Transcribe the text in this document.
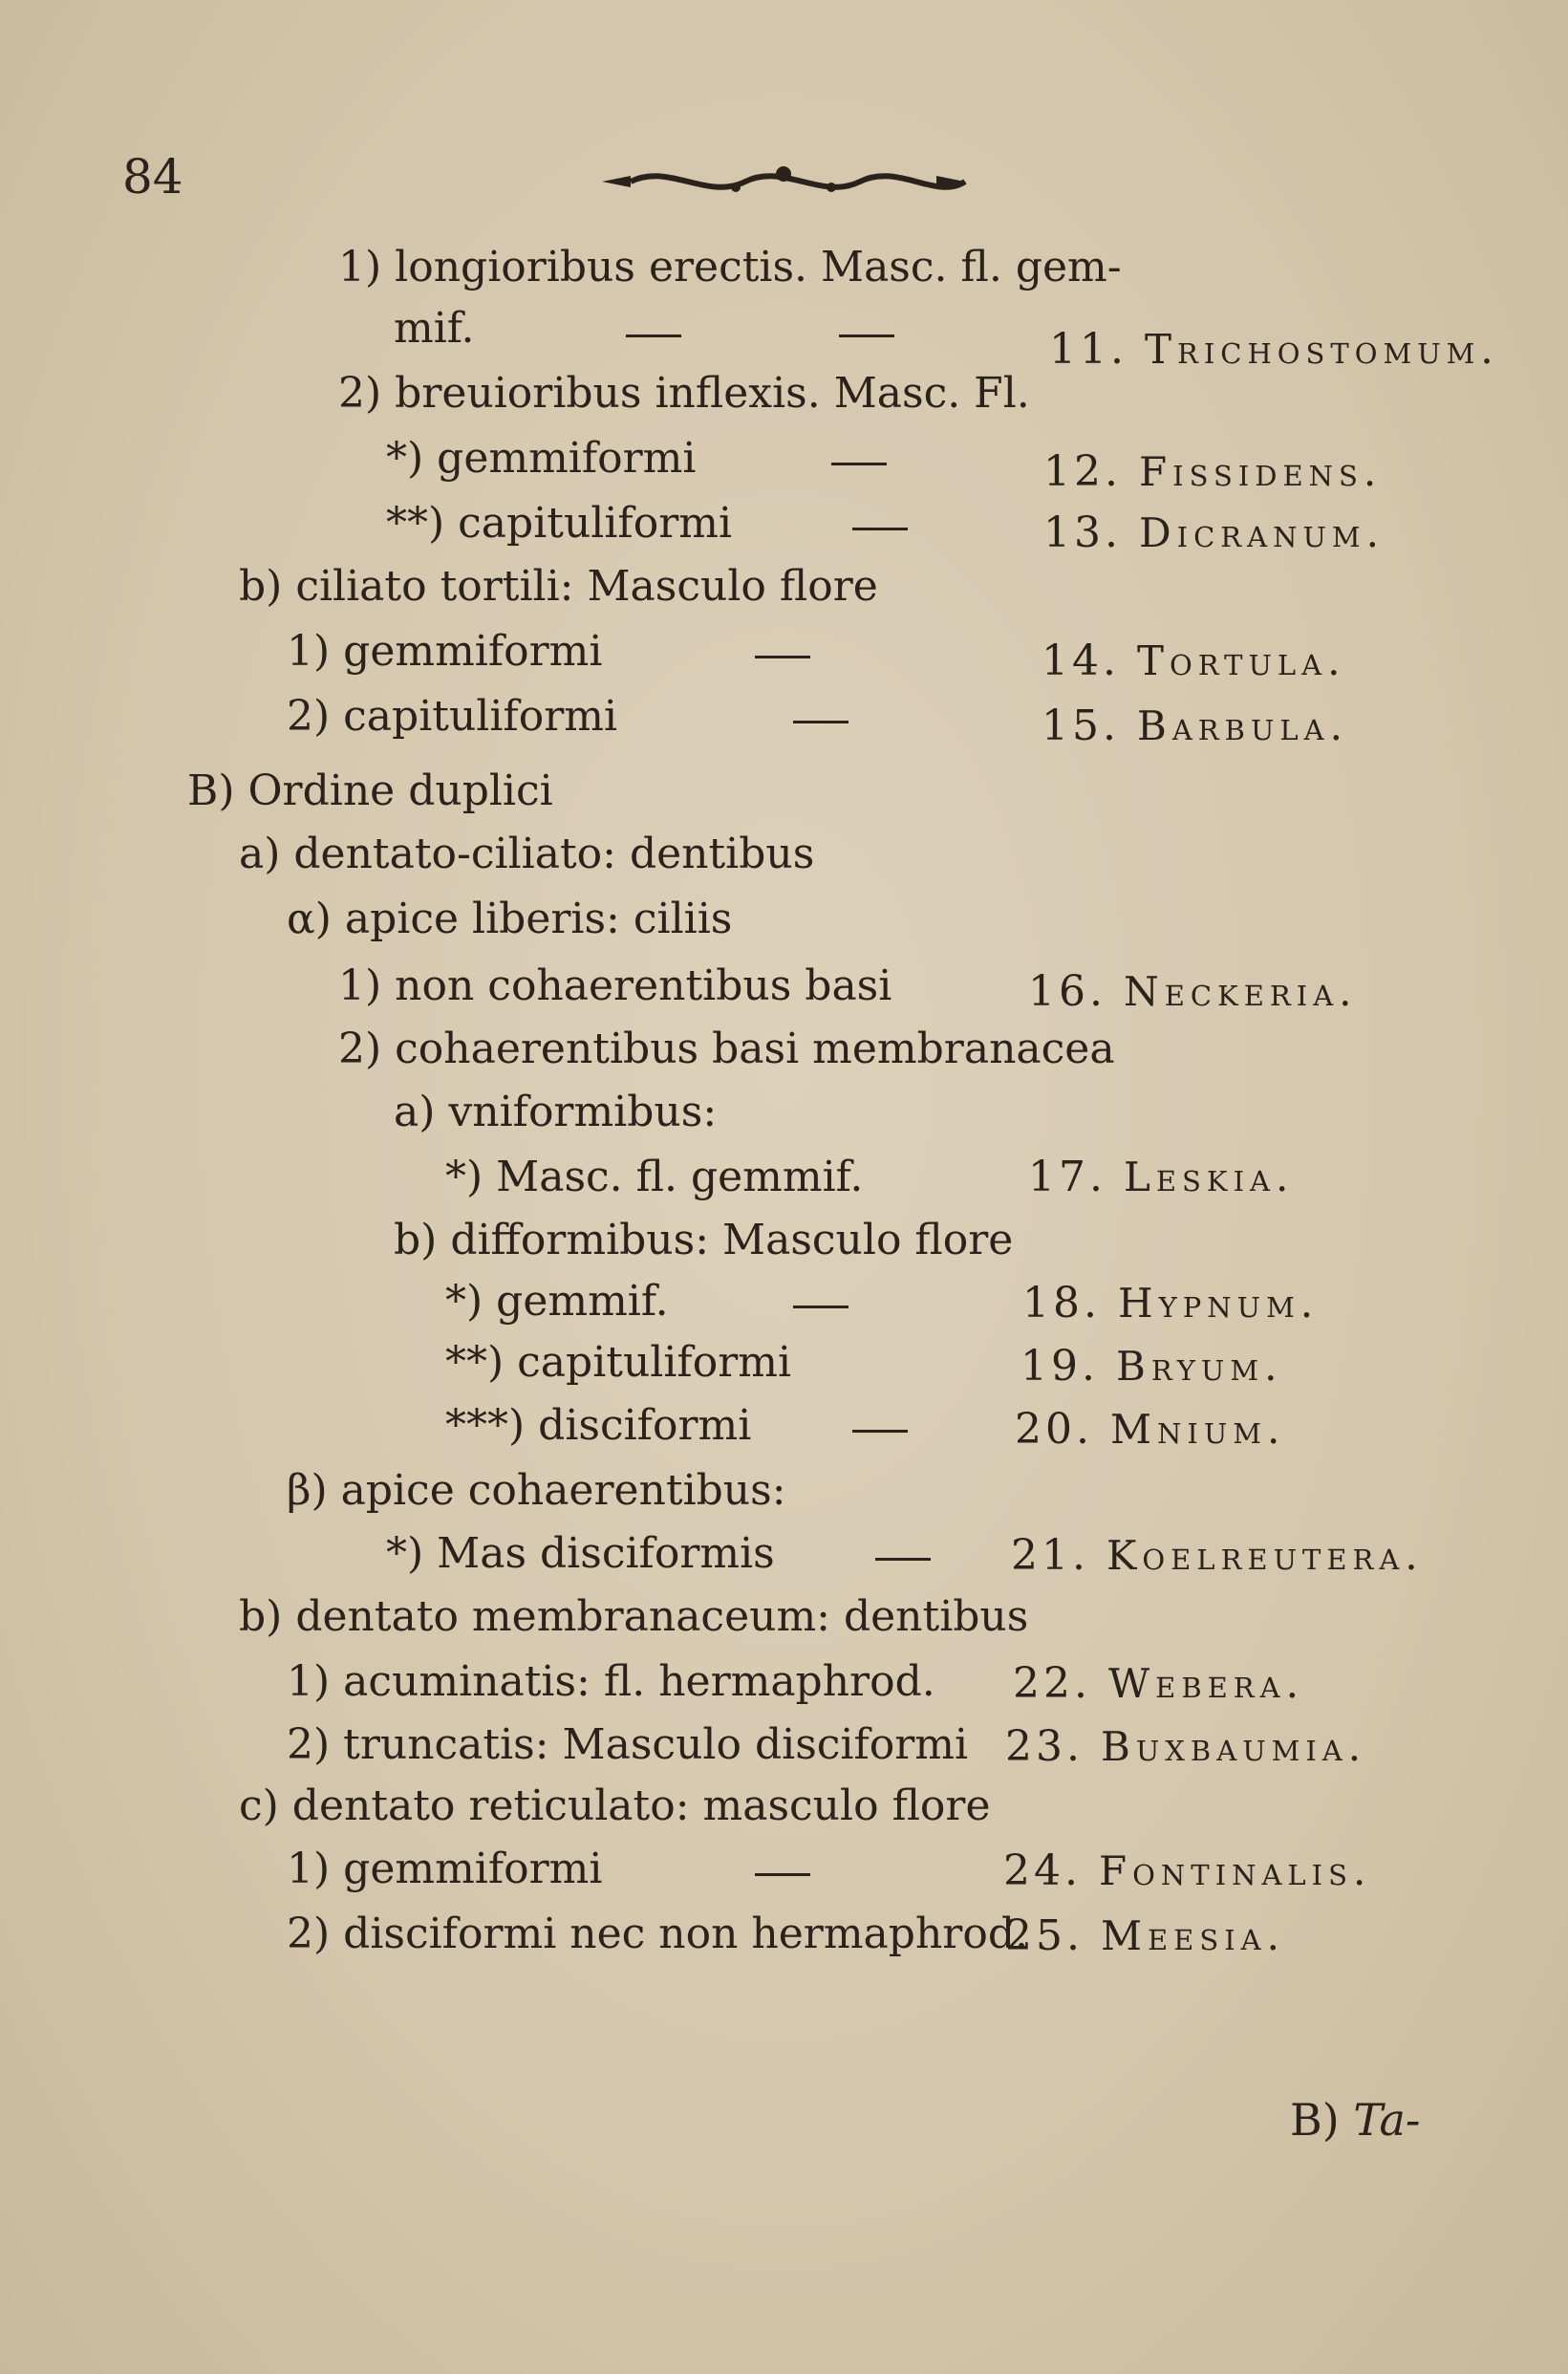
84
1) longioribus erectis. Masc. fl. gem-
mif.
2) breuioribus inflexis. Masc. Fl.
*) gemmiformi
**) capituliformi
b) ciliato tortili: Masculo flore
1) gemmiformi
2) capituliformi
B) Ordine duplici
a) dentato-ciliato: dentibus
α) apice liberis: ciliis
1) non cohaerentibus basi
2) cohaerentibus basi membranacea
a) vniformibus:
*) Masc. fl. gemmif.
b) difformibus: Masculo flore
*) gemmif.
**) capituliformi
***) disciformi
β) apice cohaerentibus:
*) Mas disciformis
b) dentato membranaceum: dentibus
1) acuminatis: fl. hermaphrod.
2) truncatis: Masculo disciformi
c) dentato reticulato: masculo flore
1) gemmiformi
2) disciformi nec non hermaphrod.
11. Trichostomum.
12. Fissidens.
13. Dicranum.
14. Tortula.
15. Barbula.
16. Neckeria.
17. Leskia.
18. Hypnum.
19. Bryum.
20. Mnium.
21. Koelreutera.
22. Webera.
23. Buxbaumia.
24. Fontinalis.
25. Meesia.
B) Ta-
